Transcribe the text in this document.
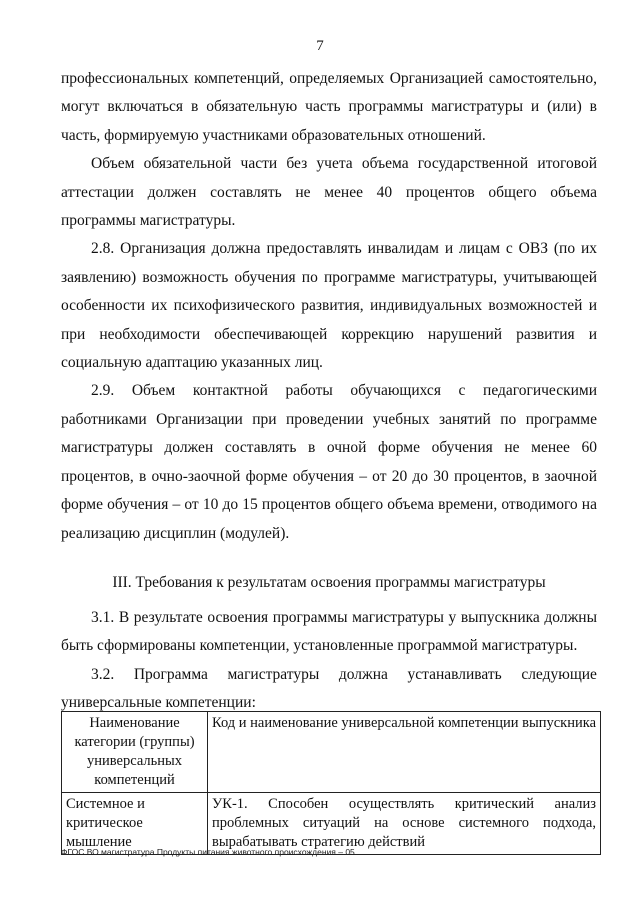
7

профессиональных компетенций, определяемых Организацией самостоятельно, могут включаться в обязательную часть программы магистратуры и (или) в часть, формируемую участниками образовательных отношений.

Объем обязательной части без учета объема государственной итоговой аттестации должен составлять не менее 40 процентов общего объема программы магистратуры.

2.8. Организация должна предоставлять инвалидам и лицам с ОВЗ (по их заявлению) возможность обучения по программе магистратуры, учитывающей особенности их психофизического развития, индивидуальных возможностей и при необходимости обеспечивающей коррекцию нарушений развития и социальную адаптацию указанных лиц.

2.9. Объем контактной работы обучающихся с педагогическими работниками Организации при проведении учебных занятий по программе магистратуры должен составлять в очной форме обучения не менее 60 процентов, в очно-заочной форме обучения – от 20 до 30 процентов, в заочной форме обучения – от 10 до 15 процентов общего объема времени, отводимого на реализацию дисциплин (модулей).

III. Требования к результатам освоения программы магистратуры

3.1. В результате освоения программы магистратуры у выпускника должны быть сформированы компетенции, установленные программой магистратуры.

3.2. Программа магистратуры должна устанавливать следующие
универсальные компетенции:
Наименование категории (группы) универсальных компетенций	Код и наименование универсальной компетенции выпускника
Системное и критическое мышление	УК-1. Способен осуществлять критический анализ проблемных ситуаций на основе системного подхода, вырабатывать стратегию действий
ФГОС ВО магистратура Продукты питания животного происхождения – 05
